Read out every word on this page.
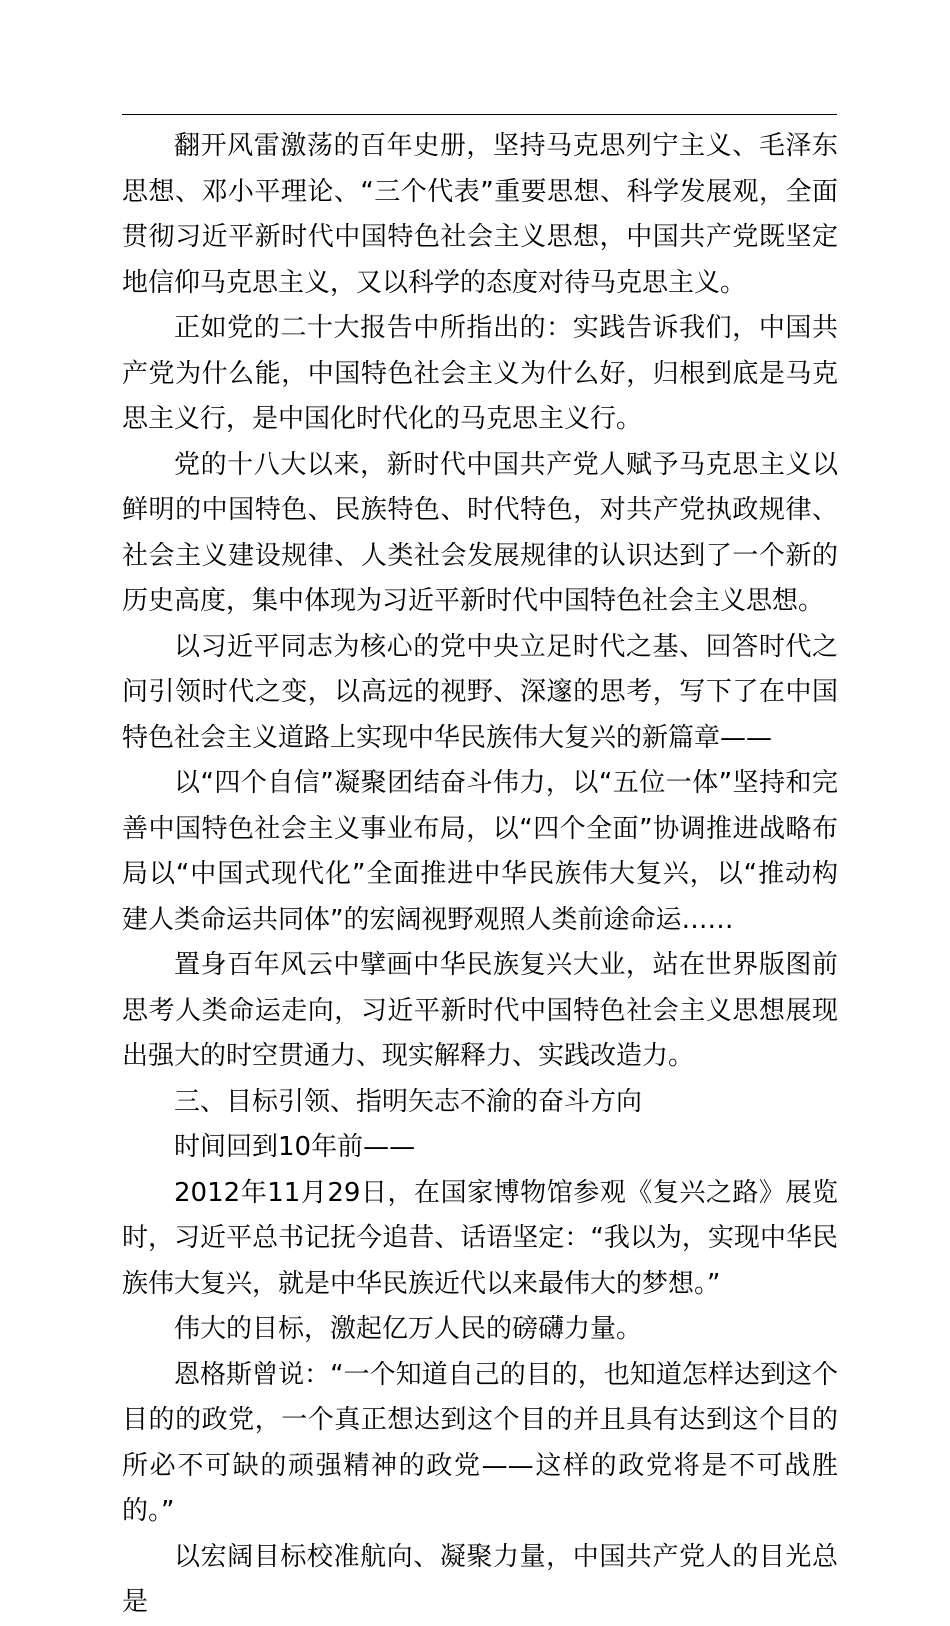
翻开风雷激荡的百年史册，坚持马克思列宁主义、毛泽东思想、邓小平理论、“三个代表”重要思想、科学发展观，全面贯彻习近平新时代中国特色社会主义思想，中国共产党既坚定地信仰马克思主义，又以科学的态度对待马克思主义。

正如党的二十大报告中所指出的：实践告诉我们，中国共产党为什么能，中国特色社会主义为什么好，归根到底是马克思主义行，是中国化时代化的马克思主义行。

党的十八大以来，新时代中国共产党人赋予马克思主义以鲜明的中国特色、民族特色、时代特色，对共产党执政规律、社会主义建设规律、人类社会发展规律的认识达到了一个新的历史高度，集中体现为习近平新时代中国特色社会主义思想。

以习近平同志为核心的党中央立足时代之基、回答时代之问引领时代之变，以高远的视野、深邃的思考，写下了在中国特色社会主义道路上实现中华民族伟大复兴的新篇章——

以“四个自信”凝聚团结奋斗伟力，以“五位一体”坚持和完善中国特色社会主义事业布局，以“四个全面”协调推进战略布局以“中国式现代化”全面推进中华民族伟大复兴，以“推动构建人类命运共同体”的宏阔视野观照人类前途命运……

置身百年风云中擘画中华民族复兴大业，站在世界版图前思考人类命运走向，习近平新时代中国特色社会主义思想展现出强大的时空贯通力、现实解释力、实践改造力。

三、目标引领、指明矢志不渝的奋斗方向

时间回到10年前——

2012年11月29日，在国家博物馆参观《复兴之路》展览时，习近平总书记抚今追昔、话语坚定：“我以为，实现中华民族伟大复兴，就是中华民族近代以来最伟大的梦想。”

伟大的目标，激起亿万人民的磅礴力量。

恩格斯曾说：“一个知道自己的目的，也知道怎样达到这个目的的政党，一个真正想达到这个目的并且具有达到这个目的所必不可缺的顽强精神的政党——这样的政党将是不可战胜的。”

以宏阔目标校准航向、凝聚力量，中国共产党人的目光总是
